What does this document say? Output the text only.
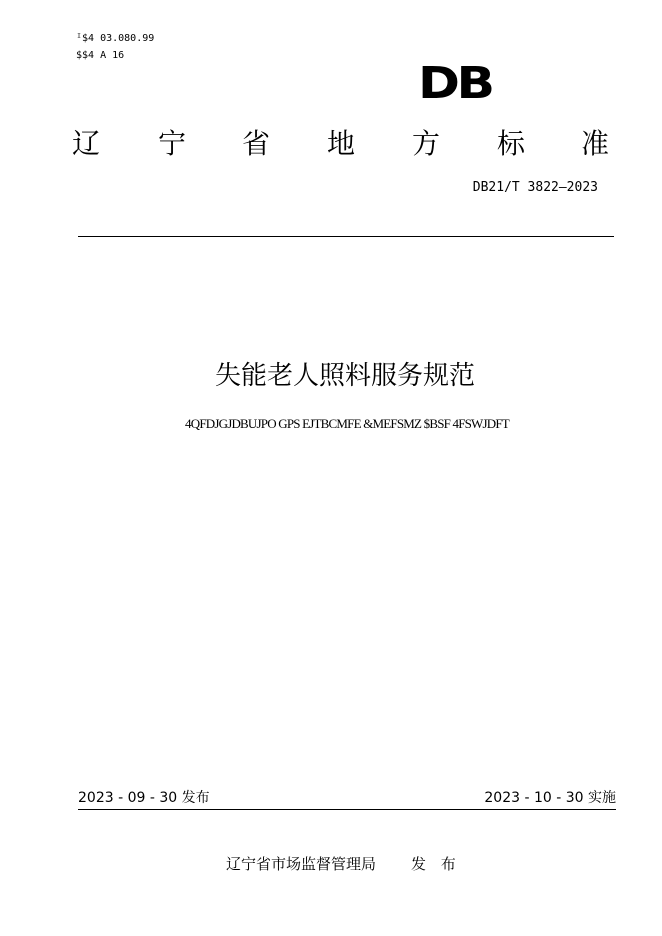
ᴵ$4 03.080.99
$$4 A 16
DB
辽 宁 省 地 方 标 准
DB21/T 3822—2023
失能老人照料服务规范
4QFDJGJDBUJPO GPS EJTBCMFE &MEFSMZ $BSF 4FSWJDFT
2023 - 09 - 30 发布	2023 - 10 - 30 实施
辽宁省市场监督管理局 发 布
